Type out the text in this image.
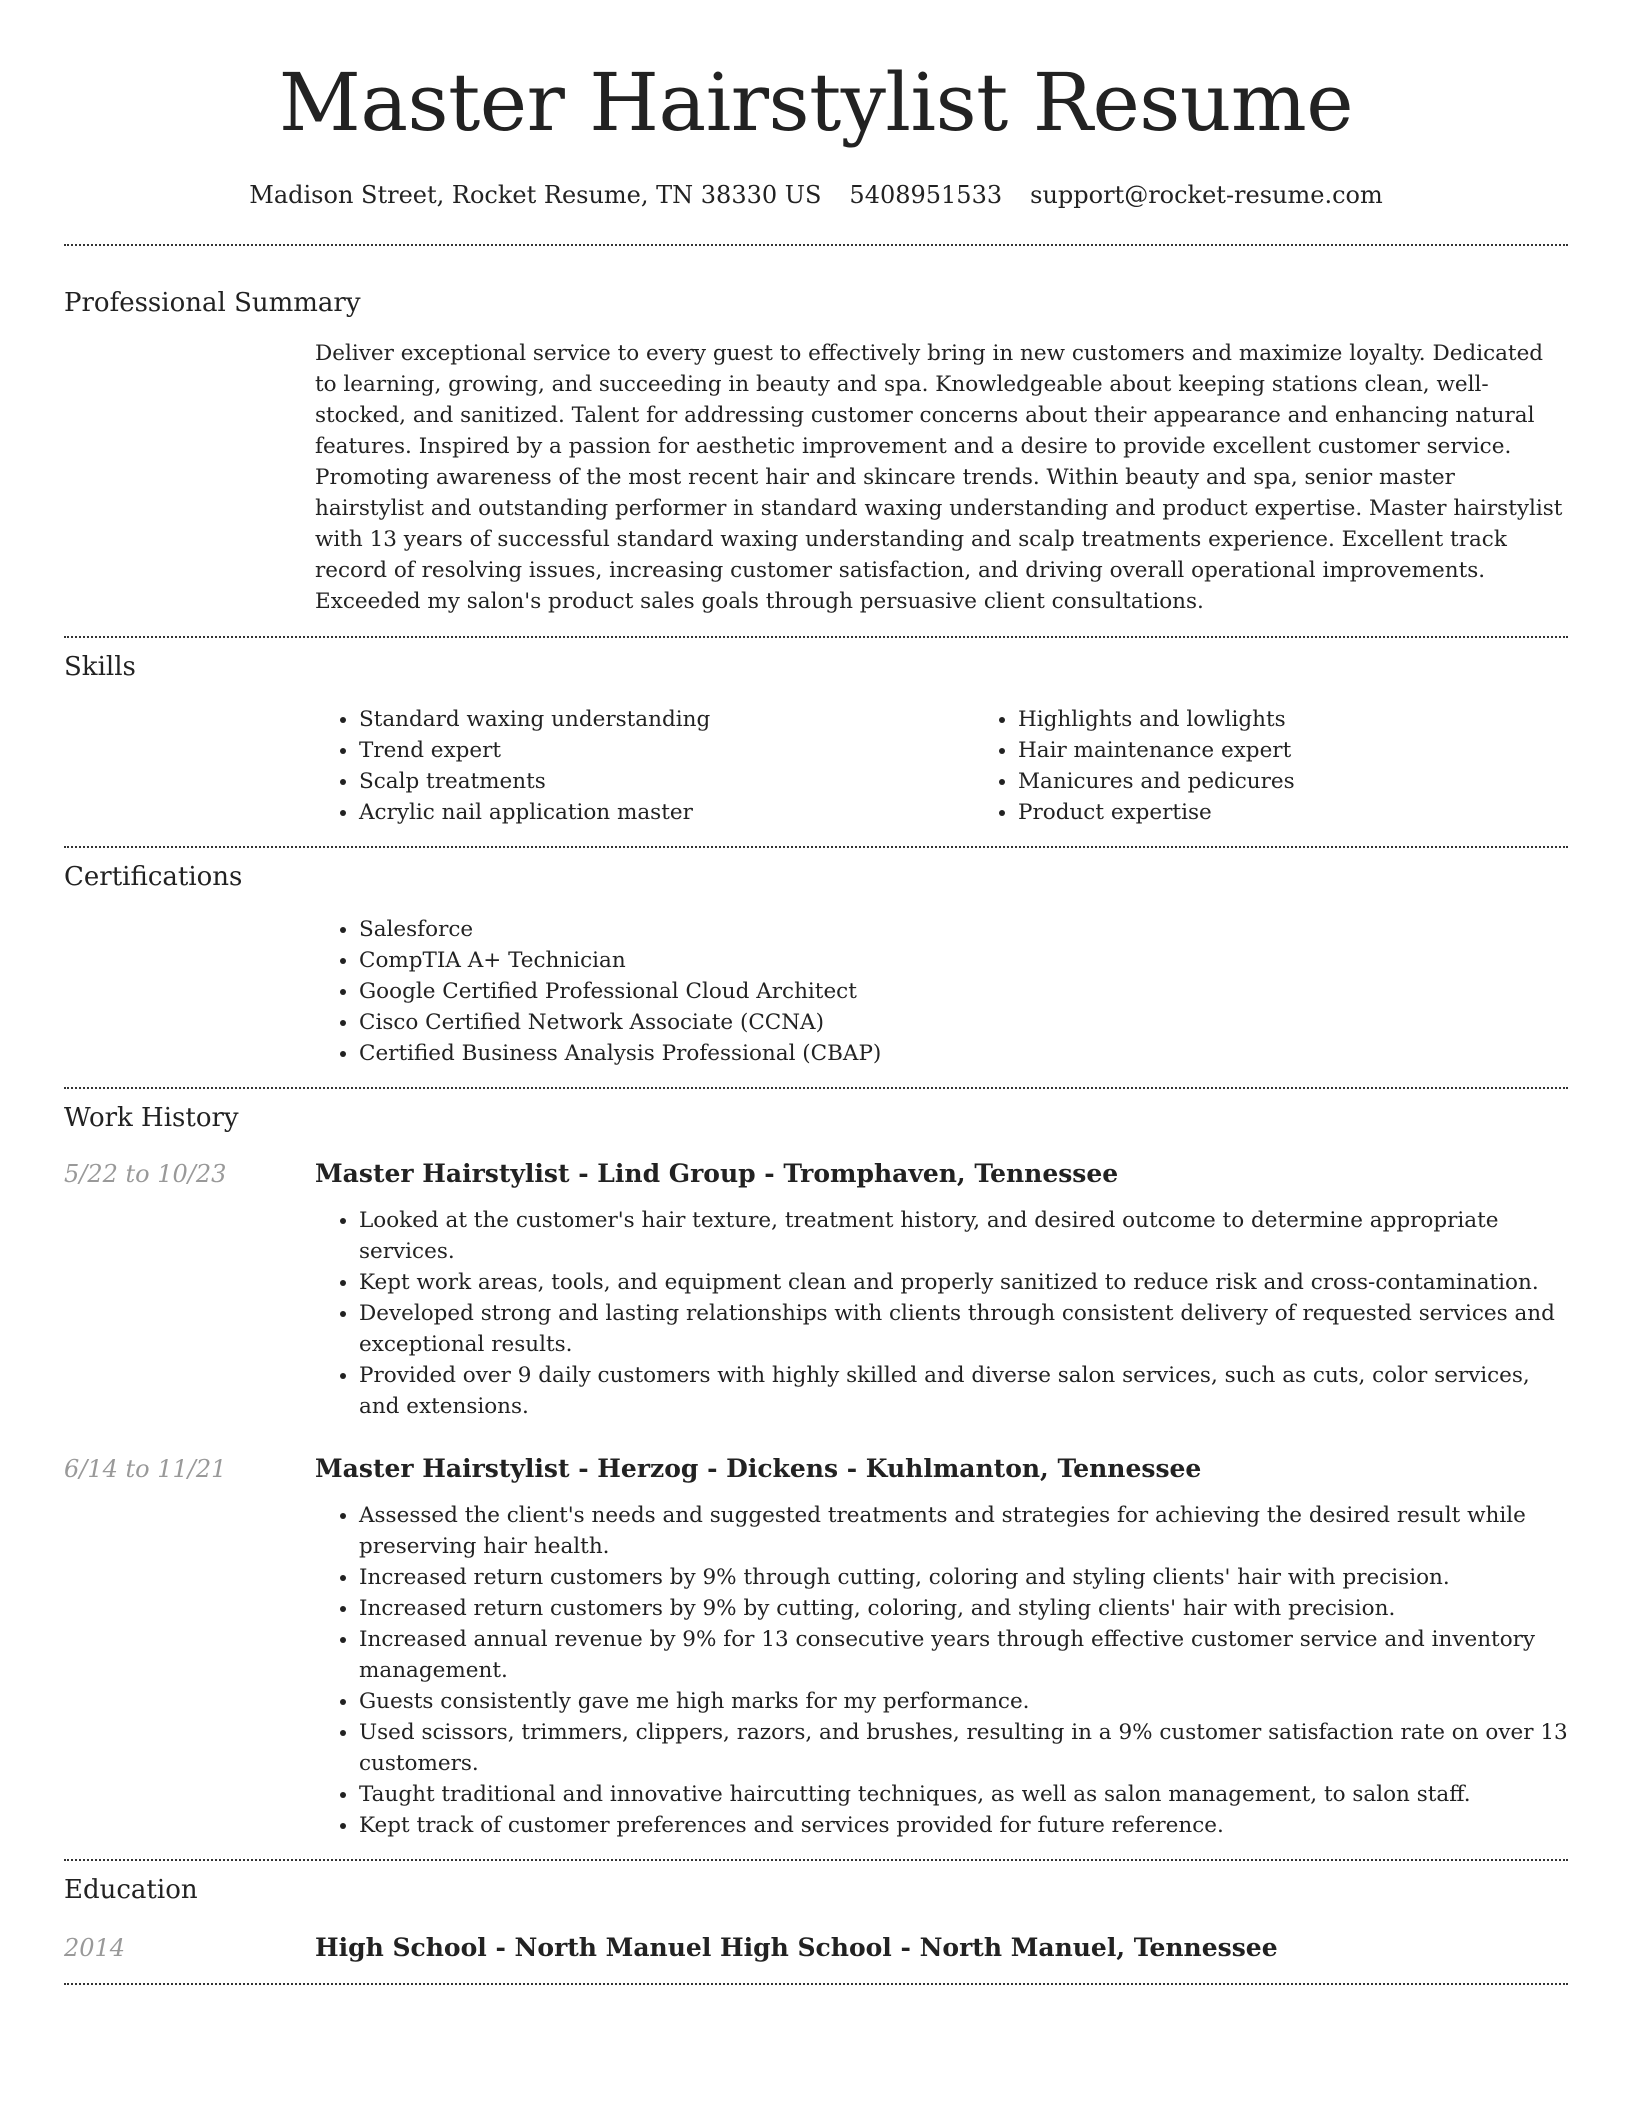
Master Hairstylist Resume
Madison Street, Rocket Resume, TN 38330 US 5408951533 support@rocket-resume.com
Professional Summary

Deliver exceptional service to every guest to effectively bring in new customers and maximize loyalty. Dedicated to learning, growing, and succeeding in beauty and spa. Knowledgeable about keeping stations clean, well-stocked, and sanitized. Talent for addressing customer concerns about their appearance and enhancing natural features. Inspired by a passion for aesthetic improvement and a desire to provide excellent customer service. Promoting awareness of the most recent hair and skincare trends. Within beauty and spa, senior master hairstylist and outstanding performer in standard waxing understanding and product expertise. Master hairstylist with 13 years of successful standard waxing understanding and scalp treatments experience. Excellent track record of resolving issues, increasing customer satisfaction, and driving overall operational improvements. Exceeded my salon's product sales goals through persuasive client consultations.

Skills
• Standard waxing understanding
• Trend expert
• Scalp treatments
• Acrylic nail application master
• Highlights and lowlights
• Hair maintenance expert
• Manicures and pedicures
• Product expertise
Certifications
• Salesforce
• CompTIA A+ Technician
• Google Certified Professional Cloud Architect
• Cisco Certified Network Associate (CCNA)
• Certified Business Analysis Professional (CBAP)
Work History
5/22 to 10/23	Master Hairstylist - Lind Group - Tromphaven, Tennessee
• Looked at the customer's hair texture, treatment history, and desired outcome to determine appropriate services.
• Kept work areas, tools, and equipment clean and properly sanitized to reduce risk and cross-contamination.
• Developed strong and lasting relationships with clients through consistent delivery of requested services and exceptional results.
• Provided over 9 daily customers with highly skilled and diverse salon services, such as cuts, color services, and extensions.
6/14 to 11/21	Master Hairstylist - Herzog - Dickens - Kuhlmanton, Tennessee
• Assessed the client's needs and suggested treatments and strategies for achieving the desired result while preserving hair health.
• Increased return customers by 9% through cutting, coloring and styling clients' hair with precision.
• Increased return customers by 9% by cutting, coloring, and styling clients' hair with precision.
• Increased annual revenue by 9% for 13 consecutive years through effective customer service and inventory management.
• Guests consistently gave me high marks for my performance.
• Used scissors, trimmers, clippers, razors, and brushes, resulting in a 9% customer satisfaction rate on over 13 customers.
• Taught traditional and innovative haircutting techniques, as well as salon management, to salon staff.
• Kept track of customer preferences and services provided for future reference.
Education
2014	High School - North Manuel High School - North Manuel, Tennessee
